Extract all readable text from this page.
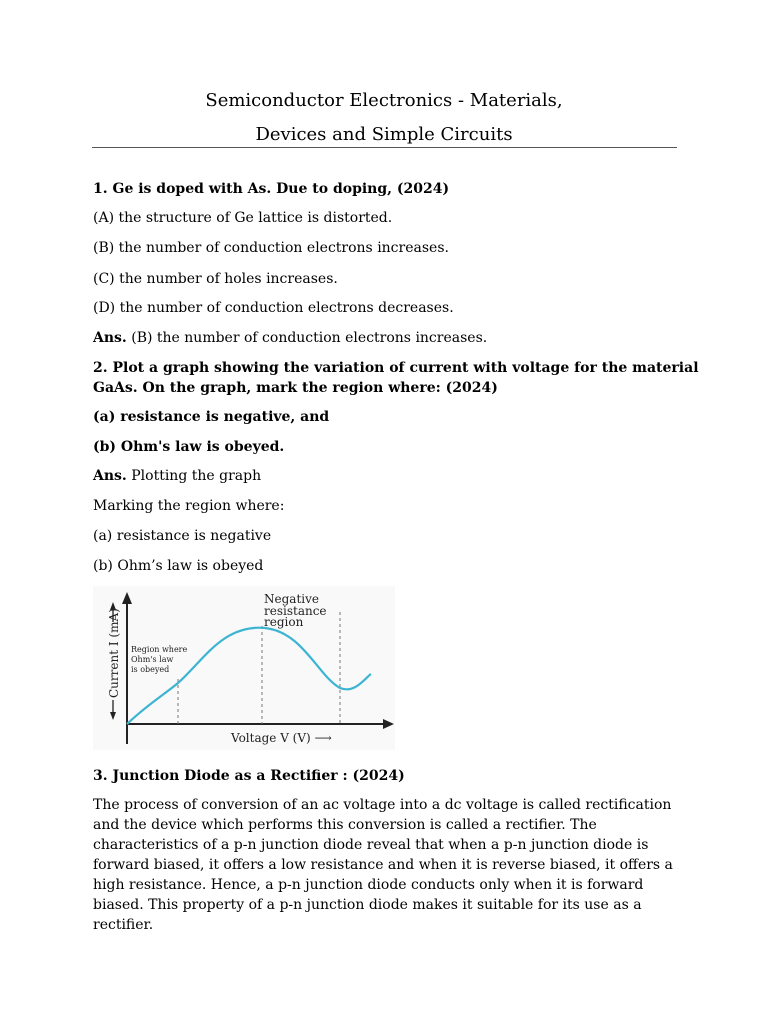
Semiconductor Electronics - Materials,
Devices and Simple Circuits
1. Ge is doped with As. Due to doping, (2024)
(A) the structure of Ge lattice is distorted.
(B) the number of conduction electrons increases.
(C) the number of holes increases.
(D) the number of conduction electrons decreases.
Ans. (B) the number of conduction electrons increases.
2. Plot a graph showing the variation of current with voltage for the material
GaAs. On the graph, mark the region where: (2024)
(a) resistance is negative, and
(b) Ohm's law is obeyed.
Ans. Plotting the graph
Marking the region where:
(a) resistance is negative
(b) Ohm’s law is obeyed
Current I (mA)
Negative
resistance
region
Region where
Ohm's law
is obeyed
Voltage V (V) ⟶
3. Junction Diode as a Rectifier : (2024)
The process of conversion of an ac voltage into a dc voltage is called rectification
and the device which performs this conversion is called a rectifier. The
characteristics of a p-n junction diode reveal that when a p-n junction diode is
forward biased, it offers a low resistance and when it is reverse biased, it offers a
high resistance. Hence, a p-n junction diode conducts only when it is forward
biased. This property of a p-n junction diode makes it suitable for its use as a
rectifier.
